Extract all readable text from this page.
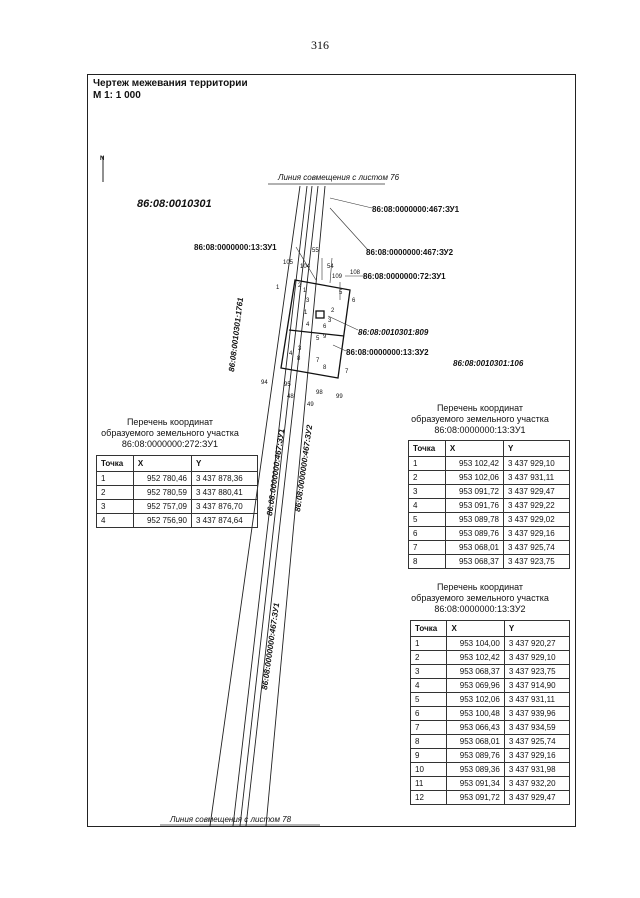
316
Чертеж межевания территории
М 1: 1 000
N
Линия совмещения с листом 76
Линия совмещения с листом 78
86:08:0010301	86:08:0000000:467:ЗУ1
86:08:0000000:13:ЗУ1
86:08:0000000:467:ЗУ2
86:08:0000000:72:ЗУ1
86:08:0010301:809
86:08:0000000:13:ЗУ2
86:08:0010301:106
86:08:0010301:1761
86:08:0000000:467:ЗУ1 86:08:0000000:467:ЗУ2
86:08:0000000:467:ЗУ1
105
104
55
54
109
108
1	2
1
3
5
6
1	2
3
4 6
5 9
4
3
8	7
8
7
94	95
48
98
49
99
Перечень координат
образуемого земельного участка
86:08:0000000:272:ЗУ1
Точка	X	Y
1	952 780,46	3 437 878,36
2	952 780,59	3 437 880,41
3	952 757,09	3 437 876,70
4	952 756,90	3 437 874,64
Перечень координат
образуемого земельного участка
86:08:0000000:13:ЗУ1
Точка	X	Y
1	953 102,42	3 437 929,10
2	953 102,06	3 437 931,11
3	953 091,72	3 437 929,47
4	953 091,76	3 437 929,22
5	953 089,78	3 437 929,02
6	953 089,76	3 437 929,16
7	953 068,01	3 437 925,74
8	953 068,37	3 437 923,75
Перечень координат
образуемого земельного участка
86:08:0000000:13:ЗУ2
Точка	X	Y
1	953 104,00	3 437 920,27
2	953 102,42	3 437 929,10
3	953 068,37	3 437 923,75
4	953 069,96	3 437 914,90
5	953 102,06	3 437 931,11
6	953 100,48	3 437 939,96
7	953 066,43	3 437 934,59
8	953 068,01	3 437 925,74
9	953 089,76	3 437 929,16
10	953 089,36	3 437 931,98
11	953 091,34	3 437 932,20
12	953 091,72	3 437 929,47
